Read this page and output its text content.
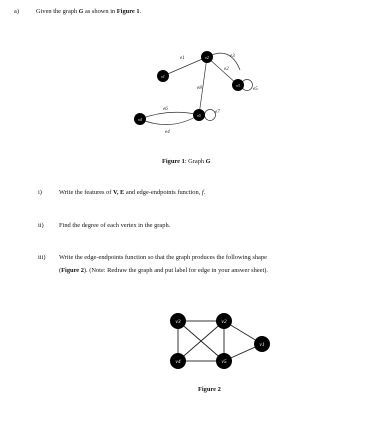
a)	Given the graph G as shown in Figure 1.
v1
v2
v3
v4
v5
e1
e2
e3
e4
e5
e6
e7
e8
Figure 1: Graph G
i)	Write the features of V, E and edge-endpoints function, f.
ii) Find the degree of each vertex in the graph.
iii) Write the edge-endpoints function so that the graph produces the following shape
(Figure 2). (Note: Redraw the graph and put label for edge in your answer sheet).
v3	v2
v1
v4	v5
Figure 2
